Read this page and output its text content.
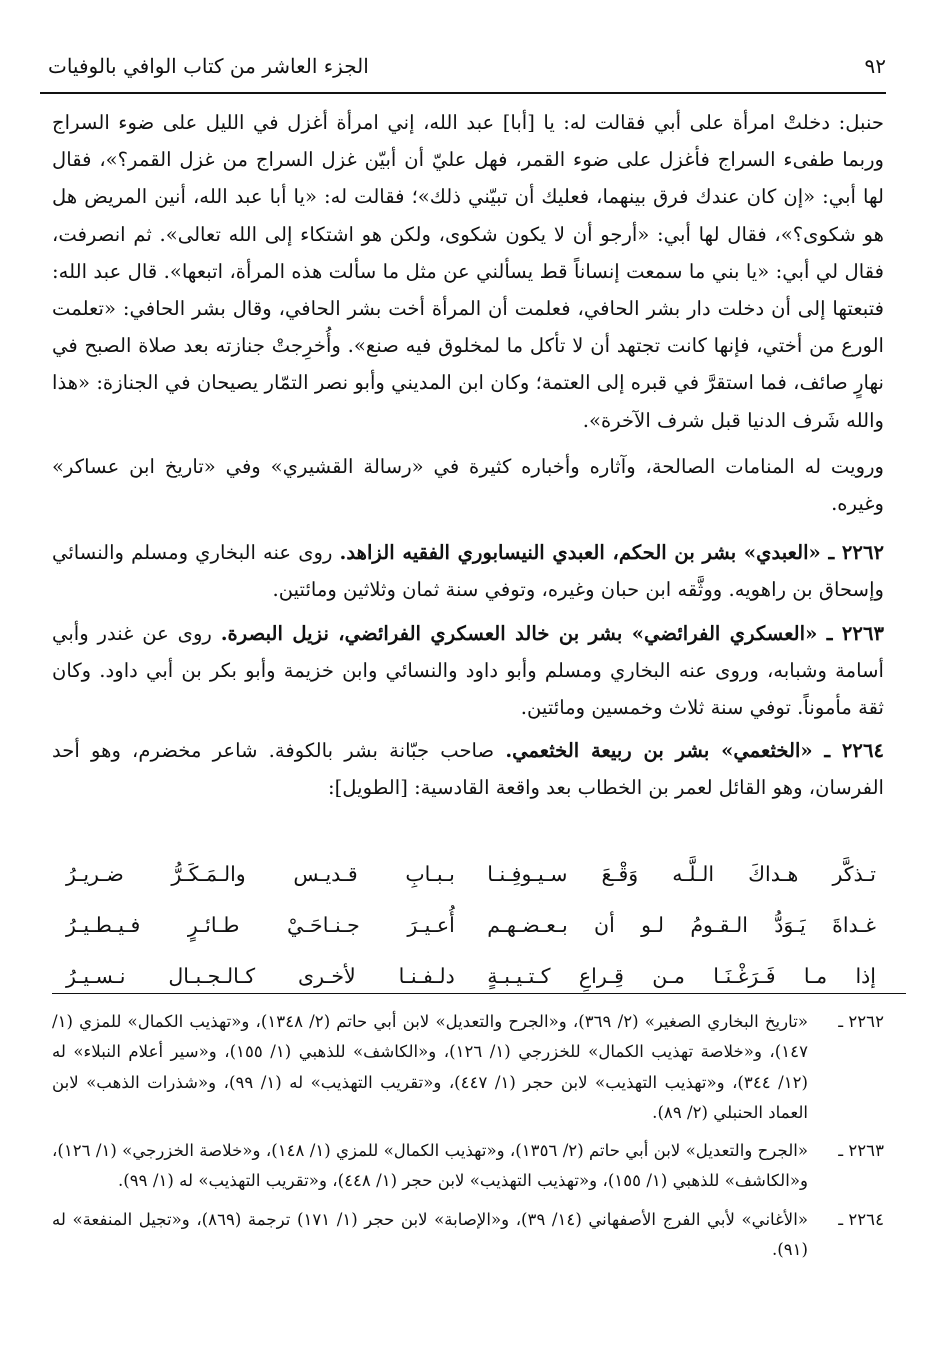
٩٢
الجزء العاشر من كتاب الوافي بالوفيات

حنبل: دخلتْ امرأة على أبي فقالت له: يا [أبا] عبد الله، إني امرأة أغزل في الليل على ضوء السراج وربما طفىء السراج فأغزل على ضوء القمر، فهل عليّ أن أبيّن غزل السراج من غزل القمر؟»، فقال لها أبي: «إن كان عندك فرق بينهما، فعليك أن تبيّني ذلك»؛ فقالت له: «يا أبا عبد الله، أنين المريض هل هو شكوى؟»، فقال لها أبي: «أرجو أن لا يكون شكوى، ولكن هو اشتكاء إلى الله تعالى». ثم انصرفت، فقال لي أبي: «يا بني ما سمعت إنساناً قط يسألني عن مثل ما سألت هذه المرأة، اتبعها». قال عبد الله: فتبعتها إلى أن دخلت دار بشر الحافي، فعلمت أن المرأة أخت بشر الحافي، وقال بشر الحافي: «تعلمت الورع من أختي، فإنها كانت تجتهد أن لا تأكل ما لمخلوق فيه صنع». وأُخرِجتْ جنازته بعد صلاة الصبح في نهارٍ صائف، فما استقرَّ في قبره إلى العتمة؛ وكان ابن المديني وأبو نصر التمّار يصيحان في الجنازة: «هذا والله شَرف الدنيا قبل شرف الآخرة».

ورويت له المنامات الصالحة، وآثاره وأخباره كثيرة في «رسالة القشيري» وفي «تاريخ ابن عساكر» وغيره.

٢٢٦٢ ـ «العبدي» بشر بن الحكم، العبدي النيسابوري الفقيه الزاهد. روى عنه البخاري ومسلم والنسائي وإسحاق بن راهويه. ووثَّقه ابن حبان وغيره، وتوفي سنة ثمان وثلاثين ومائتين.

٢٢٦٣ ـ «العسكري الفرائضي» بشر بن خالد العسكري الفرائضي، نزيل البصرة. روى عن غندر وأبي أسامة وشبابه، وروى عنه البخاري ومسلم وأبو داود والنسائي وابن خزيمة وأبو بكر بن أبي داود. وكان ثقة مأموناً. توفي سنة ثلاث وخمسين ومائتين.

٢٢٦٤ ـ «الخثعمي» بشر بن ربيعة الخثعمي. صاحب جبّانة بشر بالكوفة. شاعر مخضرم، وهو أحد الفرسان، وهو القائل لعمر بن الخطاب بعد واقعة القادسية: [الطويل]:

تـذكَّر هـداكَ الـلَّـه وَقْـعَ سـيـوفِـنـا
بـبـابِ قـديـس والـمَـكَـرُّ ضـريـرُ
غـداةَ يَـوَدُّ الـقـومُ لـو أن بـعـضـهـم
أُعـيـرَ جـنـاحَـيْ طـائـرٍ فـيـطـيـرُ
إذا مـا فَـرَغْـنَـا مـن قِـراعِ كـتـيـبـةٍ
دلـفـنـا لأخـرى كـالـجـبـال نـسـيـرُ
٢٢٦٢ ـ
«تاريخ البخاري الصغير» (٢/ ٣٦٩)، و«الجرح والتعديل» لابن أبي حاتم (٢/ ١٣٤٨)، و«تهذيب الكمال» للمزي (١/ ١٤٧)، و«خلاصة تهذيب الكمال» للخزرجي (١/ ١٢٦)، و«الكاشف» للذهبي (١/ ١٥٥)، و«سير أعلام النبلاء» له (١٢/ ٣٤٤)، و«تهذيب التهذيب» لابن حجر (١/ ٤٤٧)، و«تقريب التهذيب» له (١/ ٩٩)، و«شذرات الذهب» لابن العماد الحنبلي (٢/ ٨٩).
٢٢٦٣ ـ
«الجرح والتعديل» لابن أبي حاتم (٢/ ١٣٥٦)، و«تهذيب الكمال» للمزي (١/ ١٤٨)، و«خلاصة الخزرجي» (١/ ١٢٦)، و«الكاشف» للذهبي (١/ ١٥٥)، و«تهذيب التهذيب» لابن حجر (١/ ٤٤٨)، و«تقريب التهذيب» له (١/ ٩٩).
٢٢٦٤ ـ
«الأغاني» لأبي الفرج الأصفهاني (١٤/ ٣٩)، و«الإصابة» لابن حجر (١/ ١٧١) ترجمة (٨٦٩)، و«تجيل المنفعة» له (٩١).
